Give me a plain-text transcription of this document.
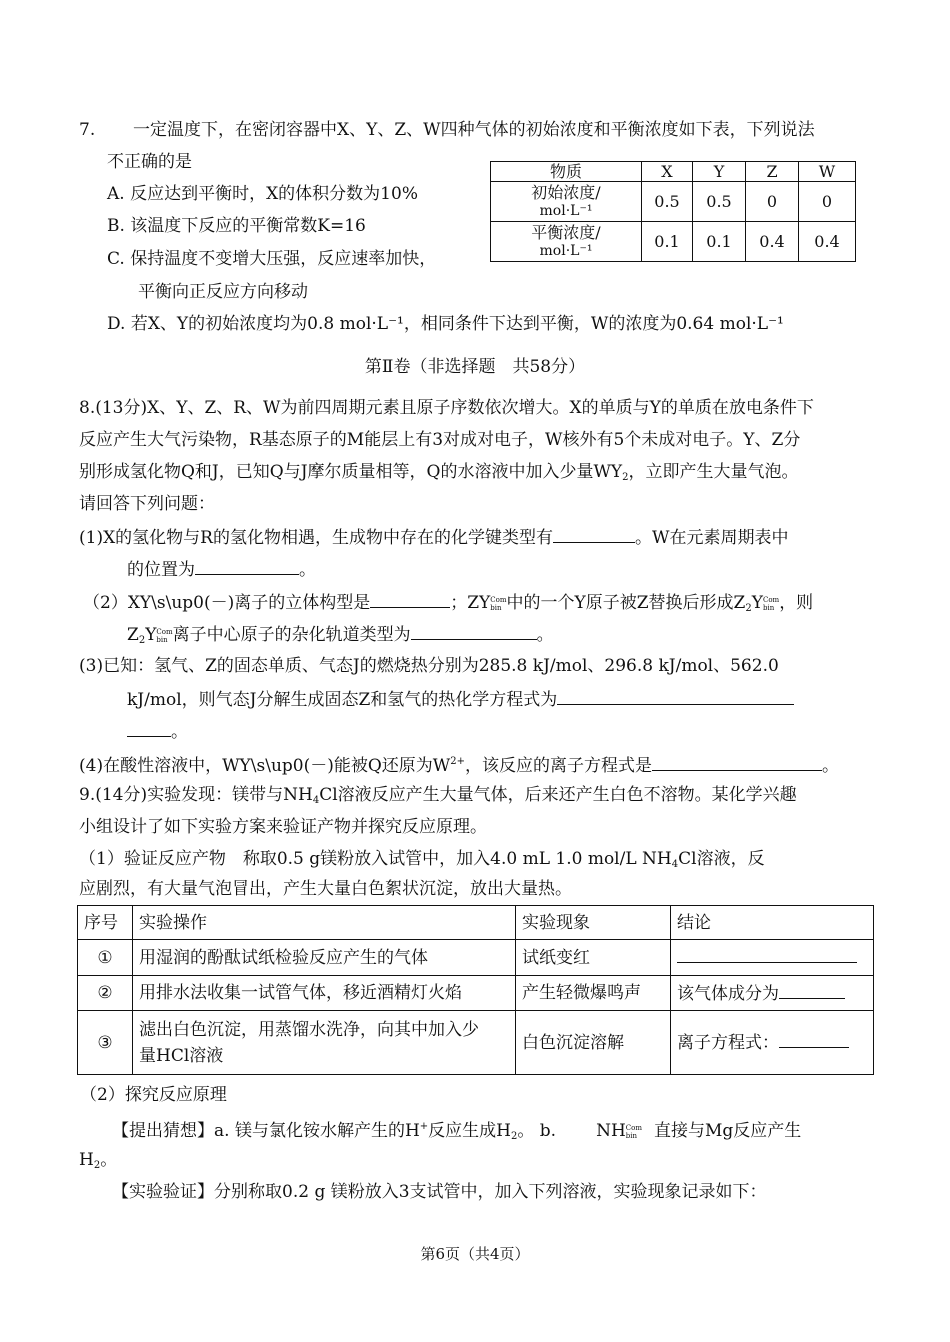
7. 一定温度下，在密闭容器中X、Y、Z、W四种气体的初始浓度和平衡浓度如下表，下列说法
不正确的是
A. 反应达到平衡时，X的体积分数为10%
B. 该温度下反应的平衡常数K=16
C. 保持温度不变增大压强，反应速率加快，
平衡向正反应方向移动
D. 若X、Y的初始浓度均为0.8 mol·L⁻¹，相同条件下达到平衡，W的浓度为0.64 mol·L⁻¹
物质	X	Y	Z	W

初始浓度/
mol·L⁻¹	0.5	0.5	0	0

平衡浓度/
mol·L⁻¹	0.1	0.1	0.4	0.4
第Ⅱ卷（非选择题　共58分）
8.(13分)X、Y、Z、R、W为前四周期元素且原子序数依次增大。X的单质与Y的单质在放电条件下
反应产生大气污染物，R基态原子的M能层上有3对成对电子，W核外有5个未成对电子。Y、Z分
别形成氢化物Q和J，已知Q与J摩尔质量相等，Q的水溶液中加入少量$WY_2$，立即产生大量气泡。
请回答下列问题：
(1)X的氢化物与R的氢化物相遇，生成物中存在的化学键类型有	。W在元素周期表中
的位置为	。
（2）XY\s\up0(－)离子的立体构型是	；ZY Com
bin 中的一个Y原子被Z替换后形成$Z_2Y$ Com
bin ，则
$Z_2Y$ Com
bin 离子中心原子的杂化轨道类型为	。
(3)已知：氢气、Z的固态单质、气态J的燃烧热分别为285.8 kJ/mol、296.8 kJ/mol、562.0
kJ/mol，则气态J分解生成固态Z和氢气的热化学方程式为
。
(4)在酸性溶液中，WY\s\up0(－)能被Q还原为$W^{2+}$，该反应的离子方程式是	。
9.(14分)实验发现：镁带与$NH_4Cl$溶液反应产生大量气体，后来还产生白色不溶物。某化学兴趣
小组设计了如下实验方案来验证产物并探究反应原理。
（1）验证反应产物　称取0.5 g镁粉放入试管中，加入4.0 mL 1.0 mol/L $NH_4Cl$溶液，反
应剧烈，有大量气泡冒出，产生大量白色絮状沉淀，放出大量热。
序号	实验操作	实验现象	结论
①	用湿润的酚酞试纸检验反应产生的气体	试纸变红	
②	用排水法收集一试管气体，移近酒精灯火焰	产生轻微爆鸣声	该气体成分为
③	滤出白色沉淀，用蒸馏水洗净，向其中加入少
量HCl溶液	白色沉淀溶解	离子方程式：
（2）探究反应原理
【提出猜想】a. 镁与氯化铵水解产生的H+反应生成$H_2$。 b. NH Com
bin 直接与Mg反应产生
$H_2$。
【实验验证】分别称取0.2 g 镁粉放入3支试管中，加入下列溶液，实验现象记录如下：
第6页（共4页）
